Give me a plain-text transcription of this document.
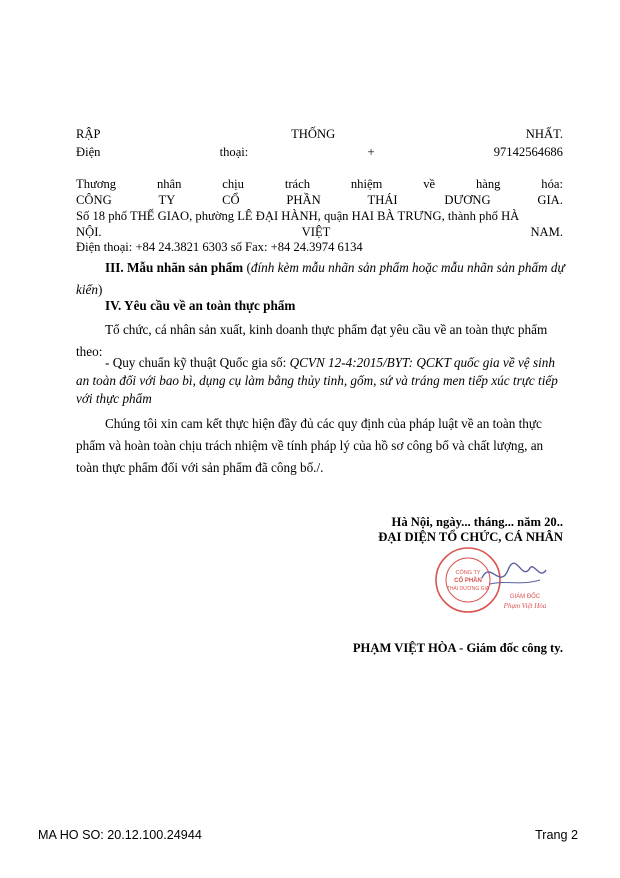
RẬP	THỐNG	NHẤT.
Điện	thoại:	+	97142564686
Thương	nhân	chịu	trách	nhiệm	về	hàng	hóa:
CÔNG	TY	CỔ	PHẦN	THÁI	DƯƠNG	GIA.
Số 18 phố THẾ GIAO, phường LÊ ĐẠI HÀNH, quận HAI BÀ TRƯNG, thành phố HÀ
NỘI.	VIỆT	NAM.
Điện thoại: +84 24.3821 6303 số Fax: +84 24.3974 6134
III. Mẫu nhãn sản phẩm (đính kèm mẫu nhãn sản phẩm hoặc mẫu nhãn sản phẩm dự kiến)
IV. Yêu cầu về an toàn thực phẩm
Tổ chức, cá nhân sản xuất, kinh doanh thực phẩm đạt yêu cầu về an toàn thực phẩm theo:
- Quy chuẩn kỹ thuật Quốc gia số: QCVN 12-4:2015/BYT: QCKT quốc gia về vệ sinh an toàn đối với bao bì, dụng cụ làm bằng thủy tinh, gốm, sứ và tráng men tiếp xúc trực tiếp với thực phẩm
Chúng tôi xin cam kết thực hiện đầy đủ các quy định của pháp luật về an toàn thực phẩm và hoàn toàn chịu trách nhiệm về tính pháp lý của hồ sơ công bố và chất lượng, an toàn thực phẩm đối với sản phẩm đã công bố./.
Hà Nội, ngày... tháng... năm 20..
ĐẠI DIỆN TỔ CHỨC, CÁ NHÂN
CÔNG TY
CỔ PHẦN
THÁI DƯƠNG GIA
GIÁM ĐỐC
Phạm Việt Hòa
PHẠM VIỆT HÒA - Giám đốc công ty.
MA HO SO: 20.12.100.24944	Trang 2
